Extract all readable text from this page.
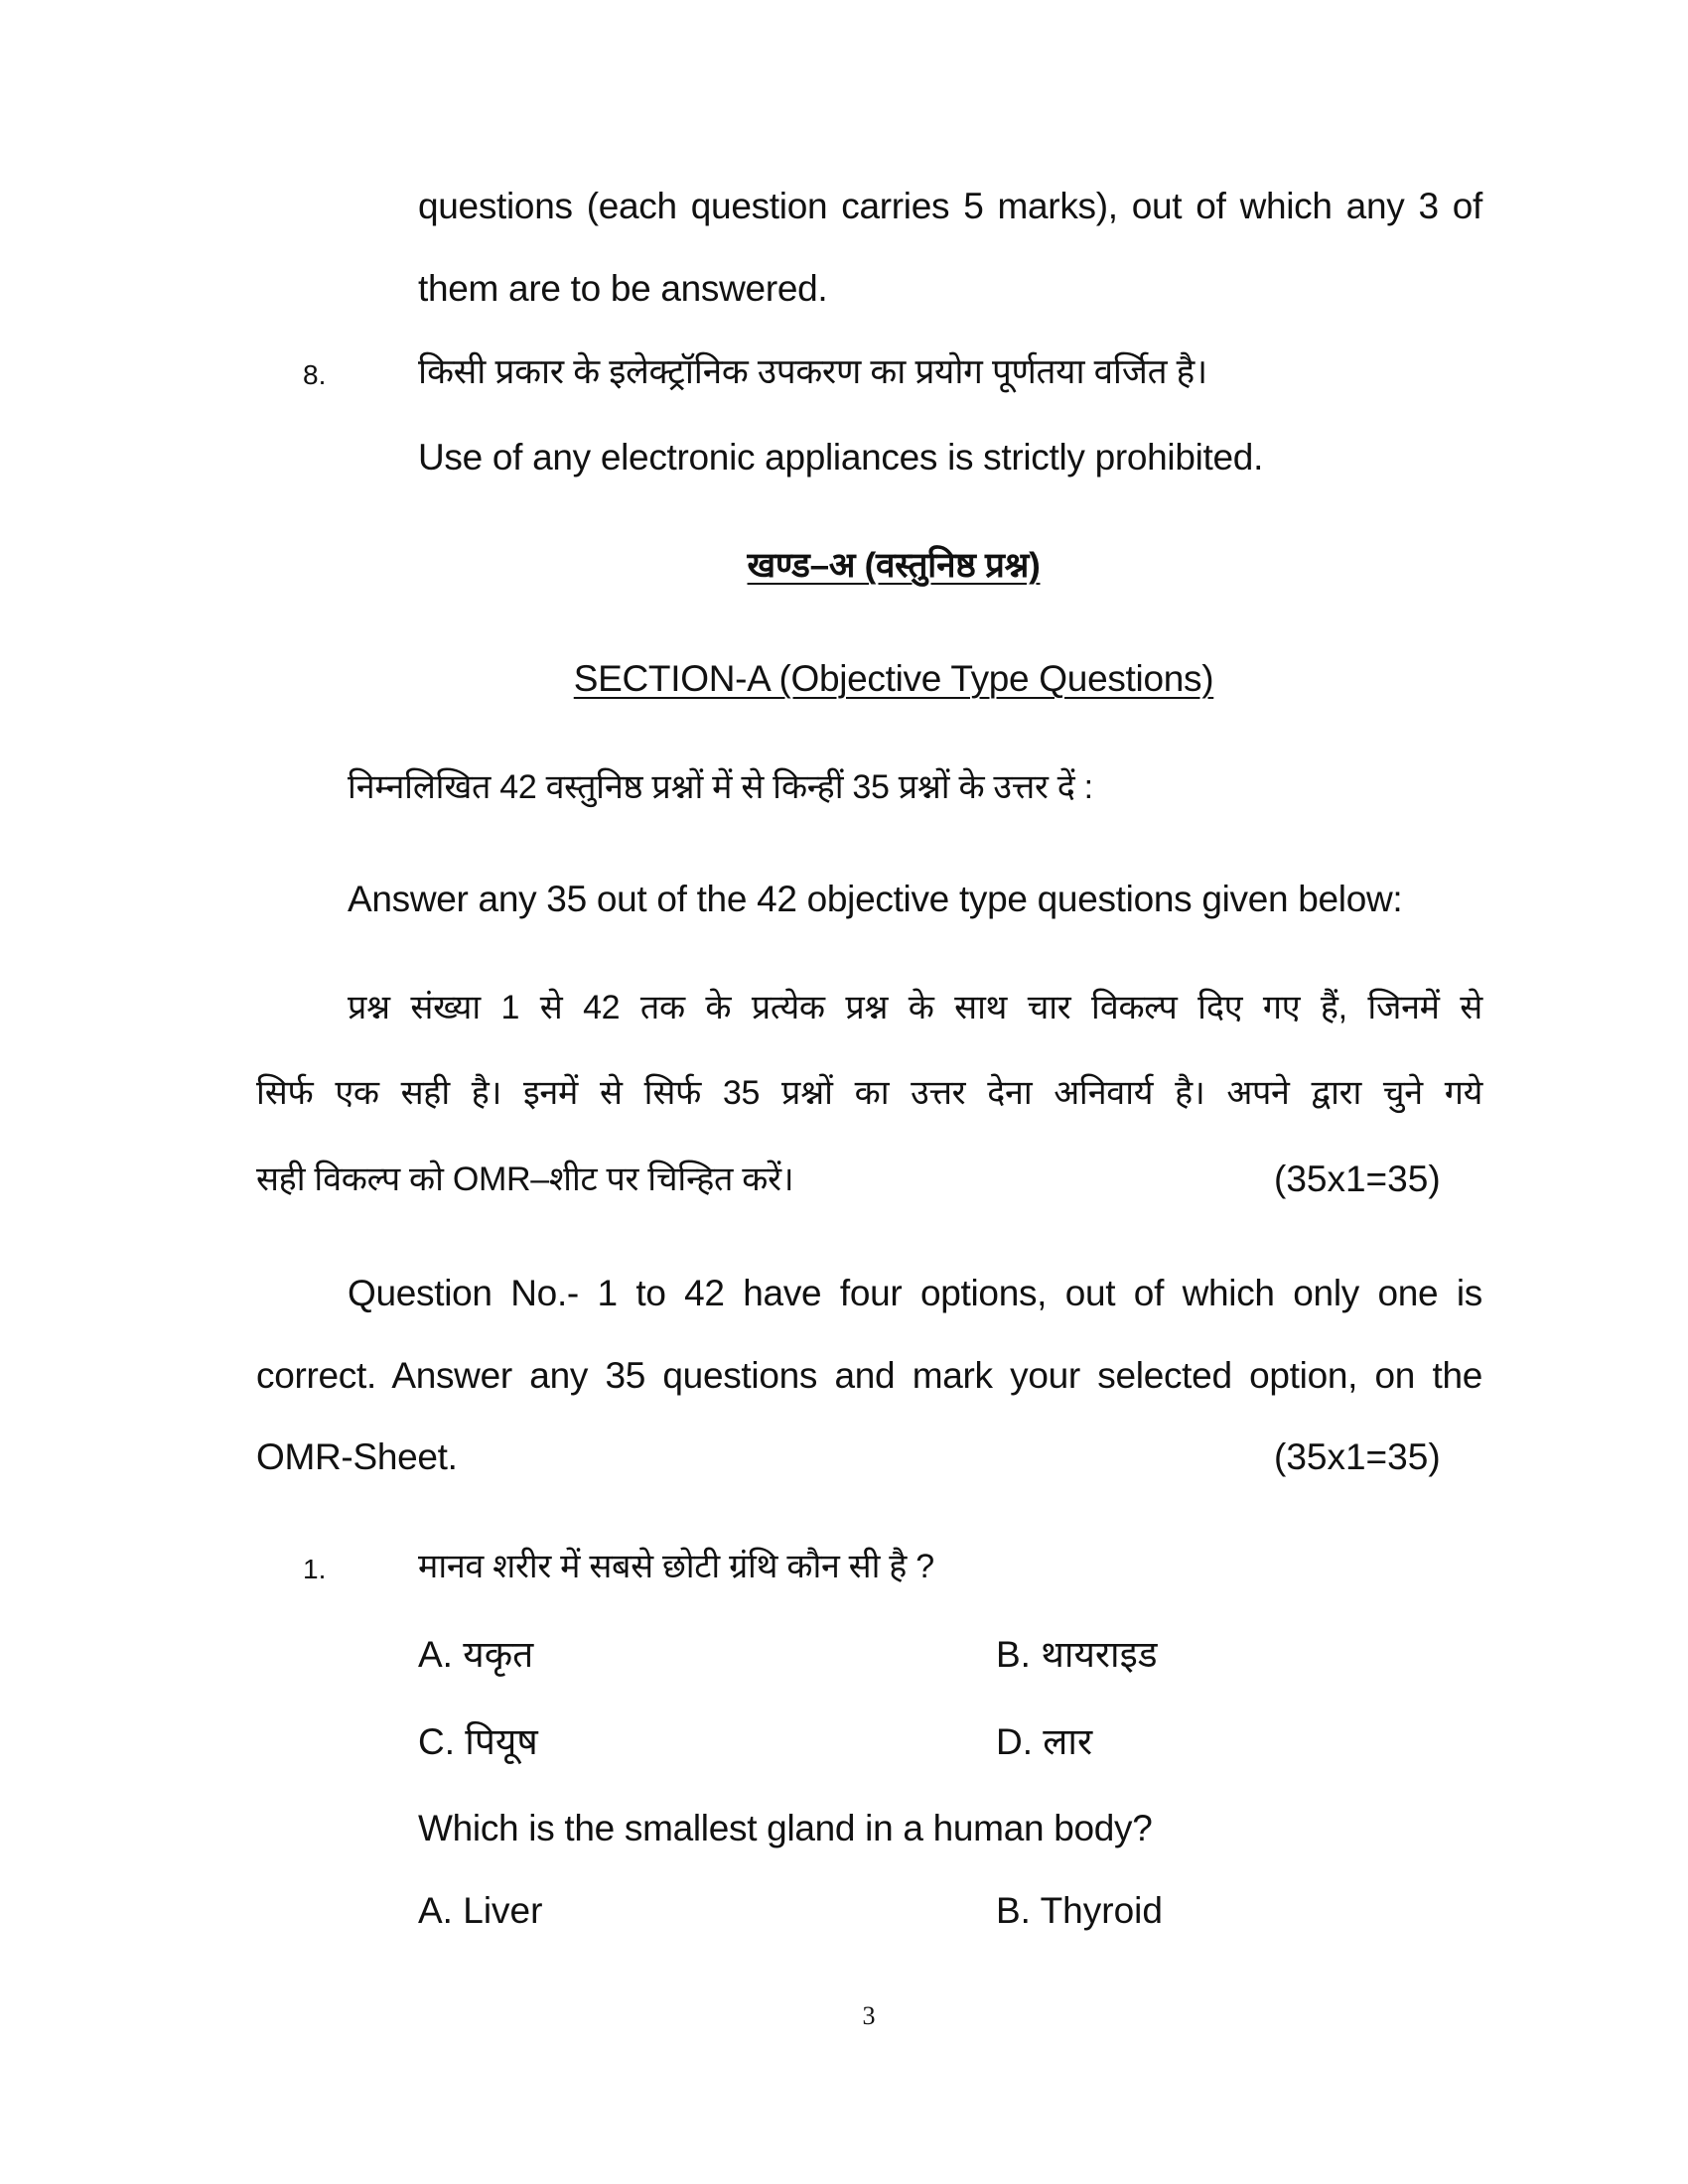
questions (each question carries 5 marks), out of which any 3 of
them are to be answered.
8.	किसी प्रकार के इलेक्ट्रॉनिक उपकरण का प्रयोग पूर्णतया वर्जित है।
Use of any electronic appliances is strictly prohibited.
खण्ड–अ (वस्तुनिष्ठ प्रश्न)
SECTION-A (Objective Type Questions)
निम्नलिखित 42 वस्तुनिष्ठ प्रश्नों में से किन्हीं 35 प्रश्नों के उत्तर दें :
Answer any 35 out of the 42 objective type questions given below:
प्रश्न संख्या 1 से 42 तक के प्रत्येक प्रश्न के साथ चार विकल्प दिए गए हैं, जिनमें से
सिर्फ एक सही है। इनमें से सिर्फ 35 प्रश्नों का उत्तर देना अनिवार्य है। अपने द्वारा चुने गये
सही विकल्प को OMR–शीट पर चिन्हित करें।	(35x1=35)
Question No.- 1 to 42 have four options, out of which only one is
correct. Answer any 35 questions and mark your selected option, on the
OMR-Sheet.	(35x1=35)
1.	मानव शरीर में सबसे छोटी ग्रंथि कौन सी है ?
A. यकृत	B. थायराइड
C. पियूष	D. लार
Which is the smallest gland in a human body?
A. Liver	B. Thyroid
3
